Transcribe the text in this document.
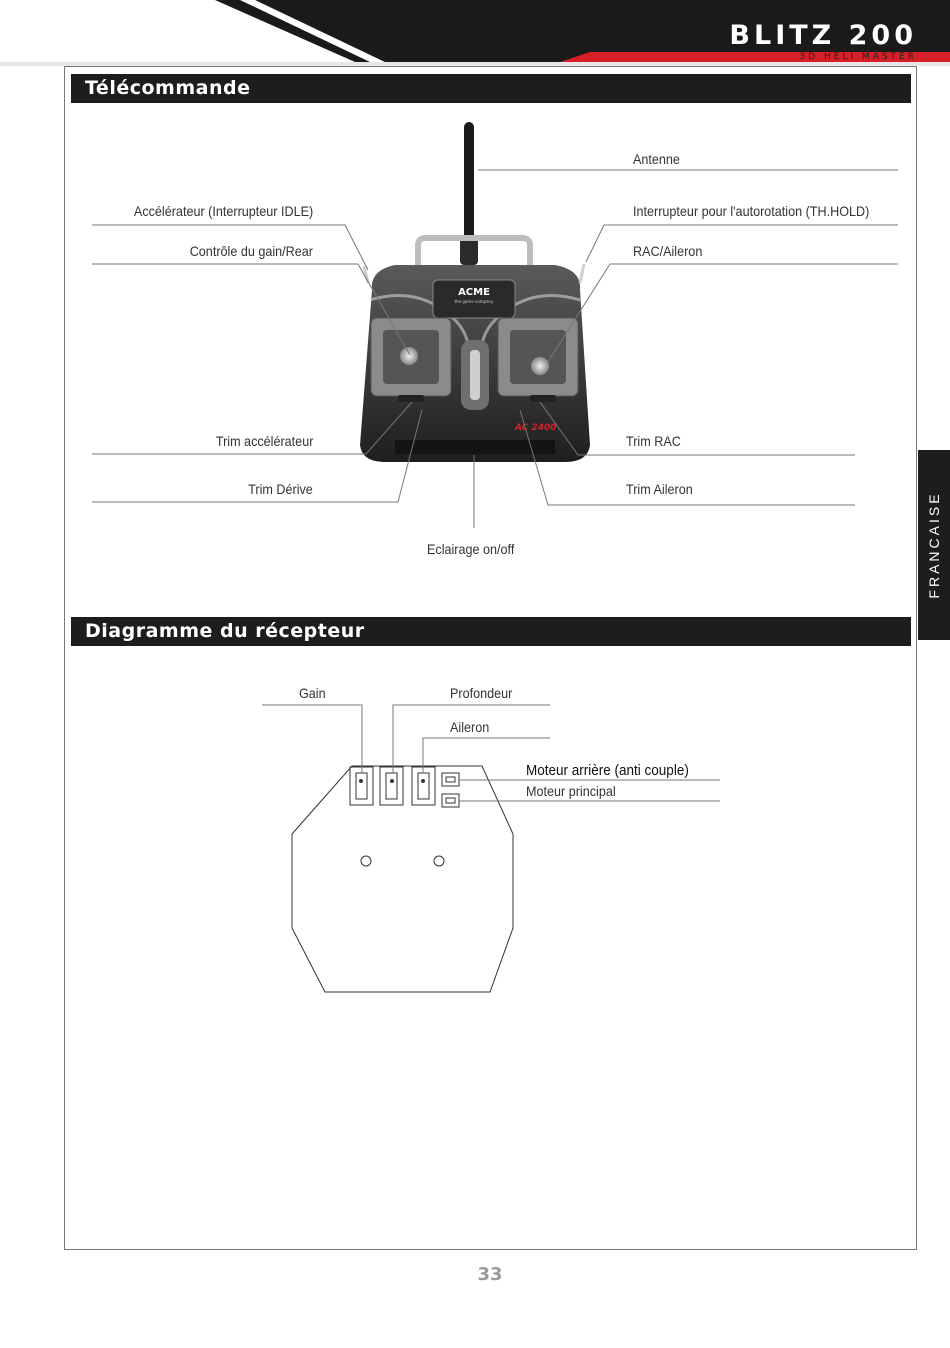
BLITZ 200
3D HELI MASTER
Télécommande
Diagramme du récepteur
AC 2400
ACME
the game company
Antenne
Accélérateur (Interrupteur IDLE)
Contrôle du gain/Rear
Interrupteur pour l'autorotation (TH.HOLD)
RAC/Aileron
Trim accélérateur
Trim Dérive
Trim RAC
Trim Aileron
Eclairage on/off
Gain	Profondeur
Aileron
Moteur arrière (anti couple)
Moteur principal
FRANCAISE
33
